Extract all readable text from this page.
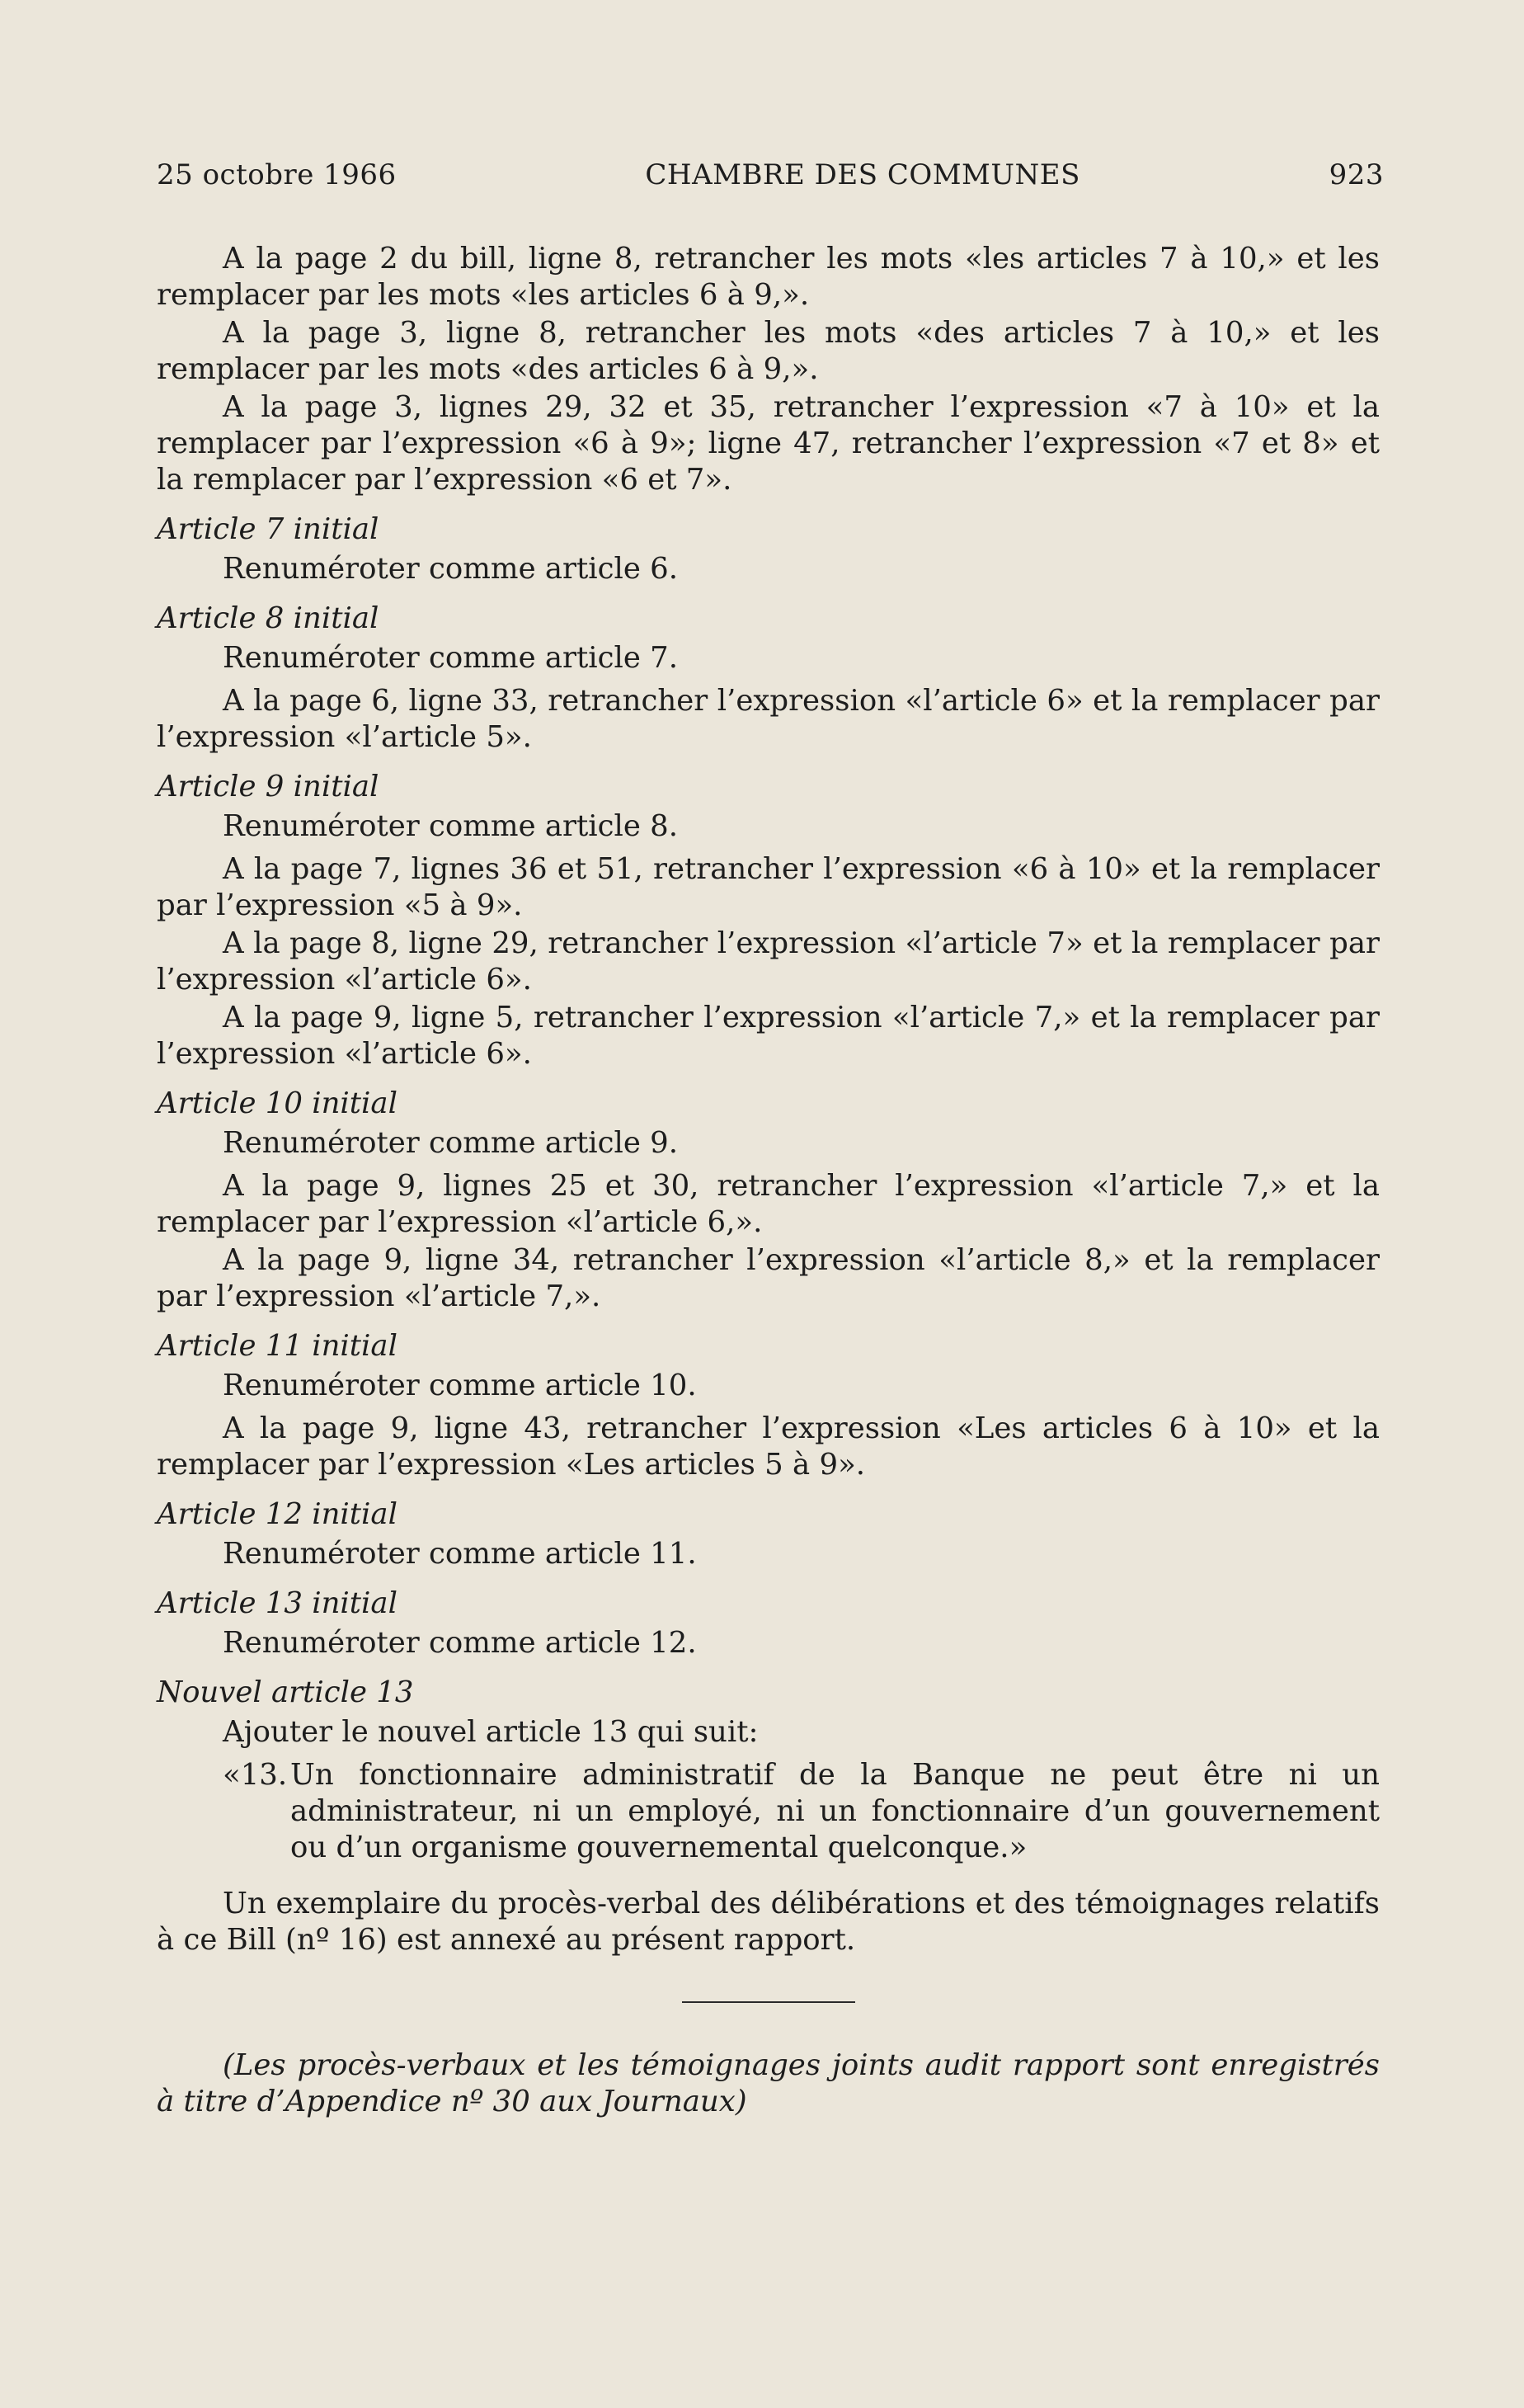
25 octobre 1966	CHAMBRE DES COMMUNES	923

A la page 2 du bill, ligne 8, retrancher les mots «les articles 7 à 10,» et les remplacer par les mots «les articles 6 à 9,».

A la page 3, ligne 8, retrancher les mots «des articles 7 à 10,» et les remplacer par les mots «des articles 6 à 9,».

A la page 3, lignes 29, 32 et 35, retrancher l’expression «7 à 10» et la remplacer par l’expression «6 à 9»; ligne 47, retrancher l’expression «7 et 8» et la remplacer par l’expression «6 et 7».

Article 7 initial

Renuméroter comme article 6.

Article 8 initial

Renuméroter comme article 7.

A la page 6, ligne 33, retrancher l’expression «l’article 6» et la remplacer par l’expression «l’article 5».

Article 9 initial

Renuméroter comme article 8.

A la page 7, lignes 36 et 51, retrancher l’expression «6 à 10» et la remplacer par l’expression «5 à 9».

A la page 8, ligne 29, retrancher l’expression «l’article 7» et la remplacer par l’expression «l’article 6».

A la page 9, ligne 5, retrancher l’expression «l’article 7,» et la remplacer par l’expression «l’article 6».

Article 10 initial

Renuméroter comme article 9.

A la page 9, lignes 25 et 30, retrancher l’expression «l’article 7,» et la remplacer par l’expression «l’article 6,».

A la page 9, ligne 34, retrancher l’expression «l’article 8,» et la remplacer par l’expression «l’article 7,».

Article 11 initial

Renuméroter comme article 10.

A la page 9, ligne 43, retrancher l’expression «Les articles 6 à 10» et la remplacer par l’expression «Les articles 5 à 9».

Article 12 initial

Renuméroter comme article 11.

Article 13 initial

Renuméroter comme article 12.

Nouvel article 13

Ajouter le nouvel article 13 qui suit:

«13. Un fonctionnaire administratif de la Banque ne peut être ni un administrateur, ni un employé, ni un fonctionnaire d’un gouvernement ou d’un organisme gouvernemental quelconque.»

Un exemplaire du procès-verbal des délibérations et des témoignages relatifs à ce Bill (nº 16) est annexé au présent rapport.

(Les procès-verbaux et les témoignages joints audit rapport sont enregistrés à titre d’Appendice nº 30 aux Journaux)
